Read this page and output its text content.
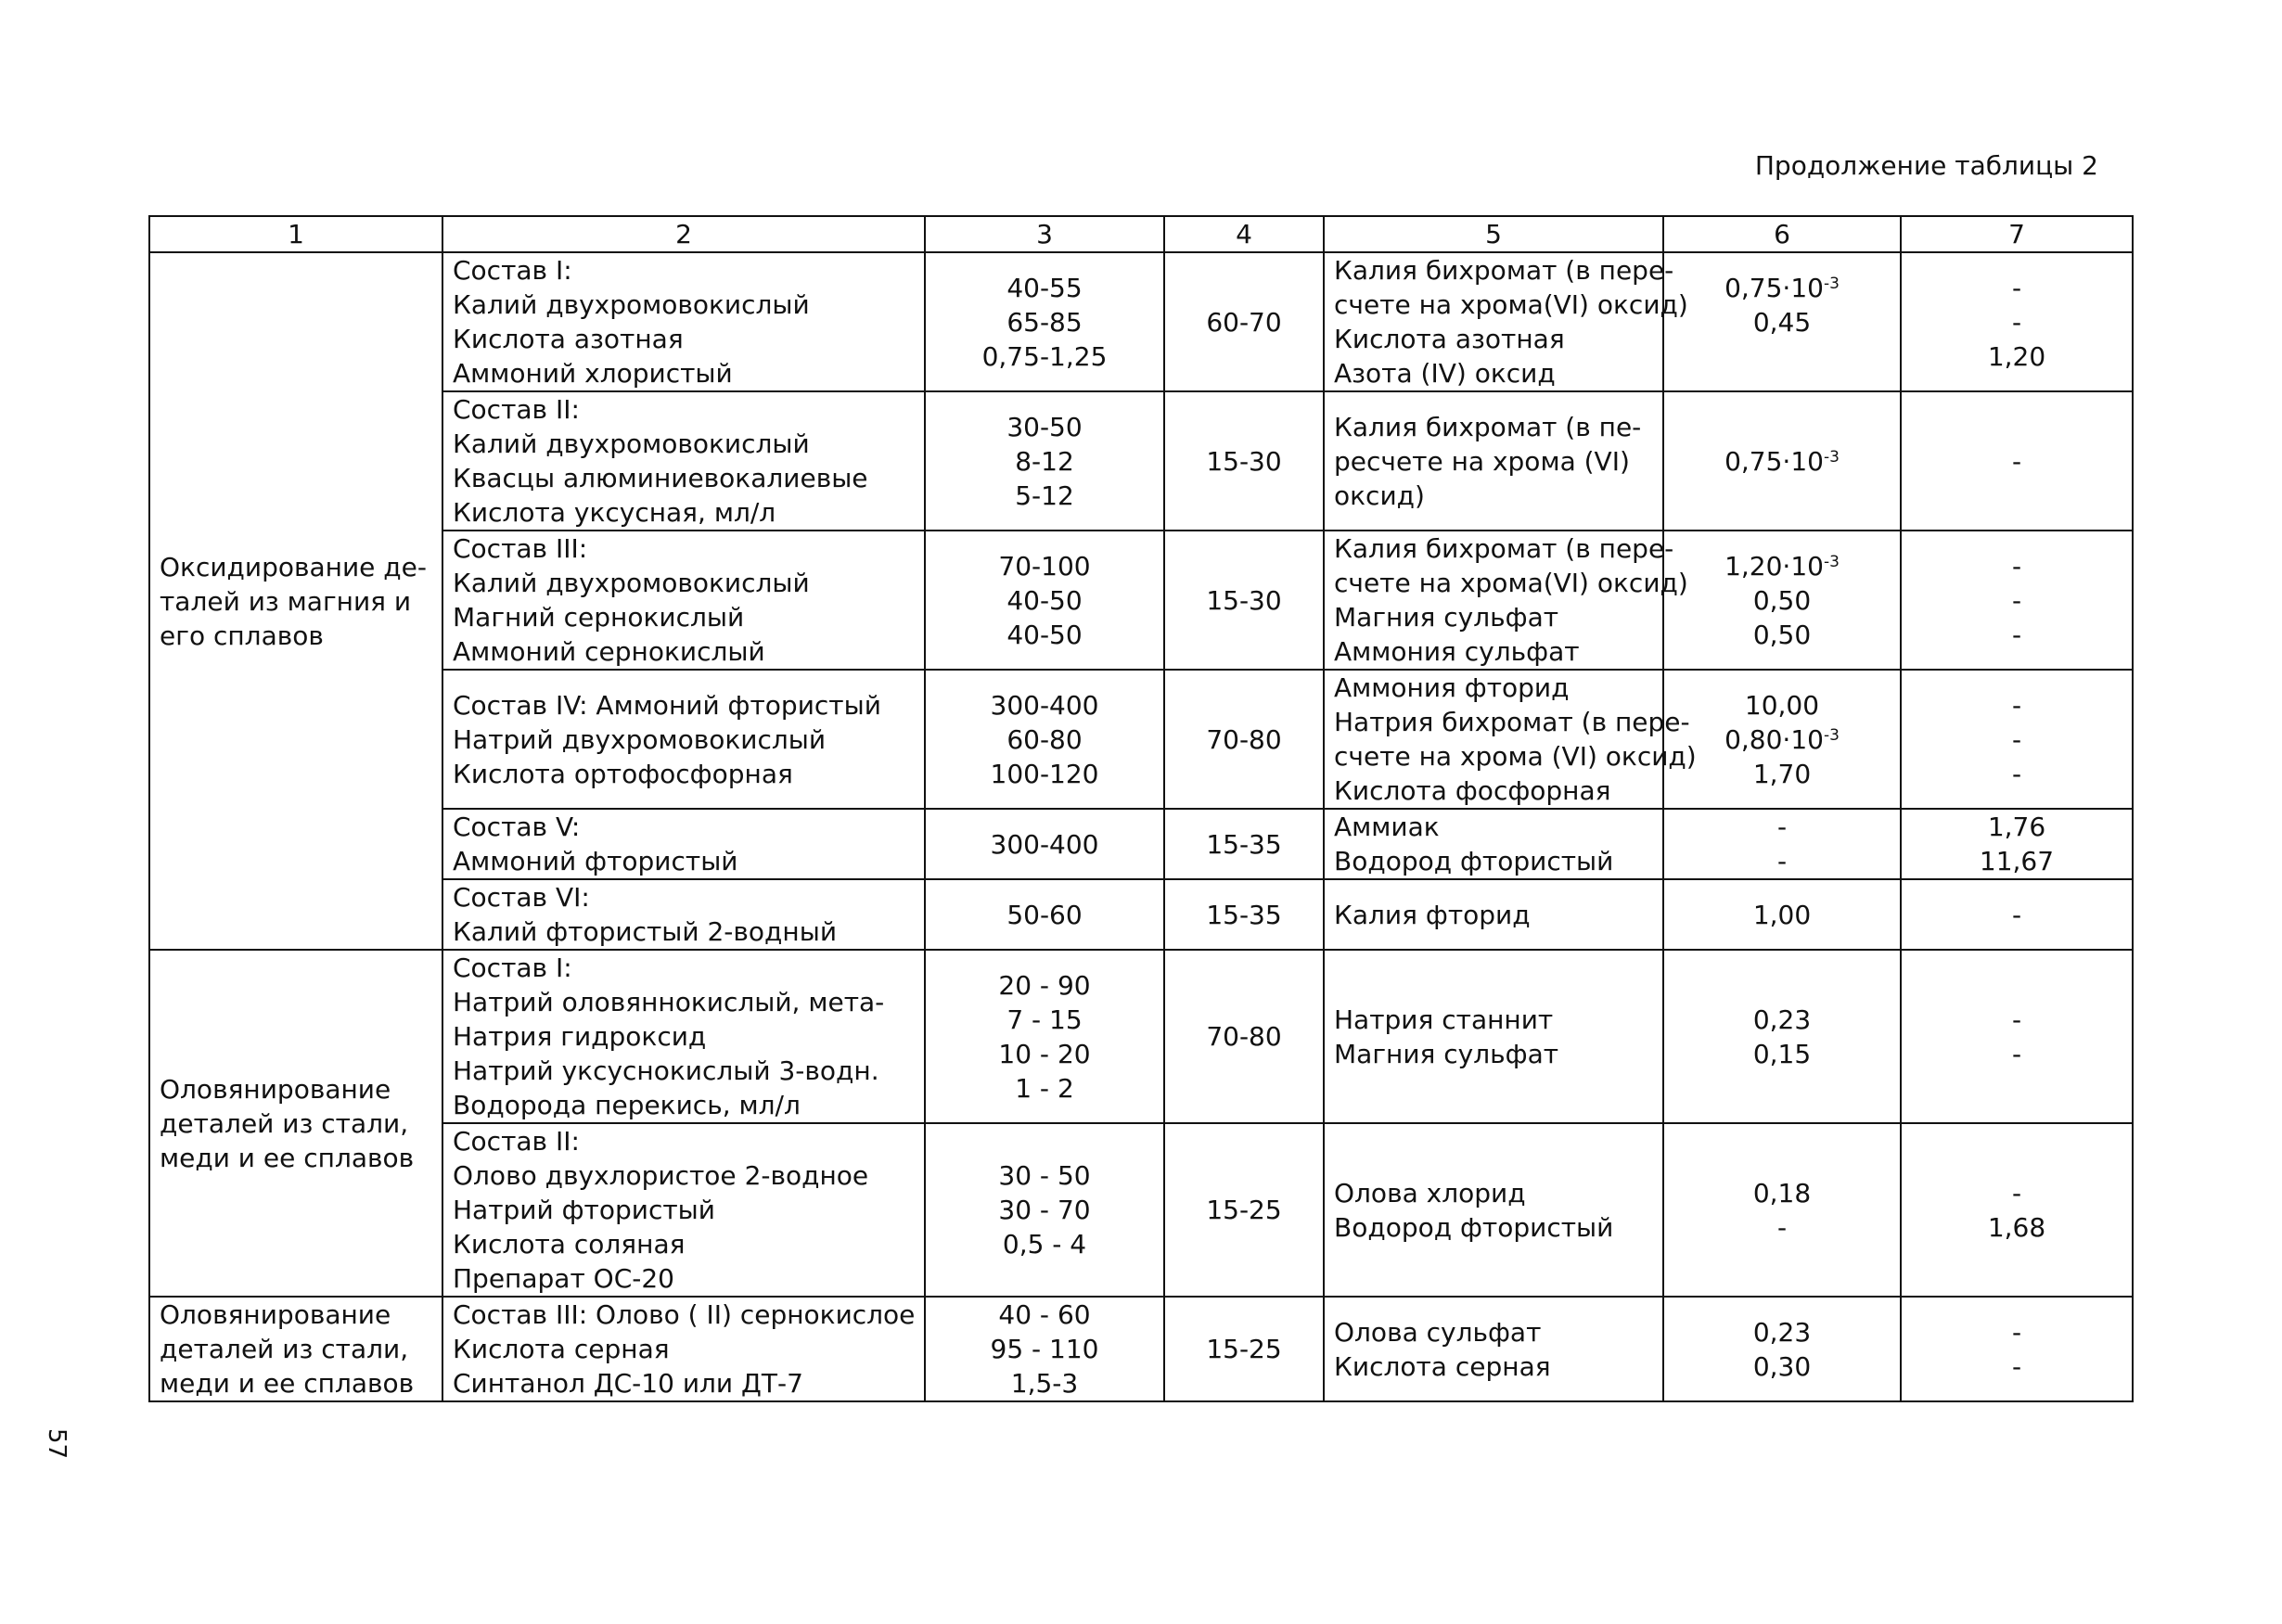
Продолжение таблицы 2
57
1	2	3	4	5	6	7

Оксидирование де-
талей из магния и
его сплавов	Состав I:
Калий двухромовокислый
Кислота азотная
Аммоний хлористый	40-55
65-85
0,75-1,25	60-70	Калия бихромат (в пере-
счете на хрома(VI) оксид)
Кислота азотная
Азота (IV) оксид	$0,75\cdot 10^{-3}$
0,45	-
-
1,20

	Состав II:
Калий двухромовокислый
Квасцы алюминиевокалиевые
Кислота уксусная, мл/л	30-50
8-12
5-12	15-30	Калия бихромат (в пе-
ресчете на хрома (VI)
оксид)	$0,75\cdot 10^{-3}$	-

	Состав III:
Калий двухромовокислый
Магний сернокислый
Аммоний сернокислый	70-100
40-50
40-50	15-30	Калия бихромат (в пере-
счете на хрома(VI) оксид)
Магния сульфат
Аммония сульфат	$1,20\cdot 10^{-3}$
0,50
0,50	-
-
-

	Состав IV: Аммоний фтористый
Натрий двухромовокислый
Кислота ортофосфорная	300-400
60-80
100-120	70-80	Аммония фторид
Натрия бихромат (в пере-
счете на хрома (VI) оксид)
Кислота фосфорная	10,00
$0,80\cdot 10^{-3}$
1,70	-
-
-

	Состав V:
Аммоний фтористый	300-400	15-35	Аммиак
Водород фтористый	-
-	1,76
11,67

	Состав VI:
Калий фтористый 2-водный	50-60	15-35	Калия фторид	1,00	-

Оловянирование
деталей из стали,
меди и ее сплавов	Состав I:
Натрий оловяннокислый, мета-
Натрия гидроксид
Натрий уксуснокислый 3-водн.
Водорода перекись, мл/л	20 - 90
7 - 15
10 - 20
1 - 2	70-80	Натрия станнит
Магния сульфат	0,23
0,15	-
-

	Состав II:
Олово двухлористое 2-водное
Натрий фтористый
Кислота соляная
Препарат ОС-20	30 - 50
30 - 70
0,5 - 4	15-25	Олова хлорид
Водород фтористый	0,18
-	-
1,68

Оловянирование
деталей из стали,
меди и ее сплавов	Состав III: Олово ( II) сернокислое
Кислота серная
Синтанол ДС-10 или ДТ-7	40 - 60
95 - 110
1,5-3	15-25	Олова сульфат
Кислота серная	0,23
0,30	-
-
